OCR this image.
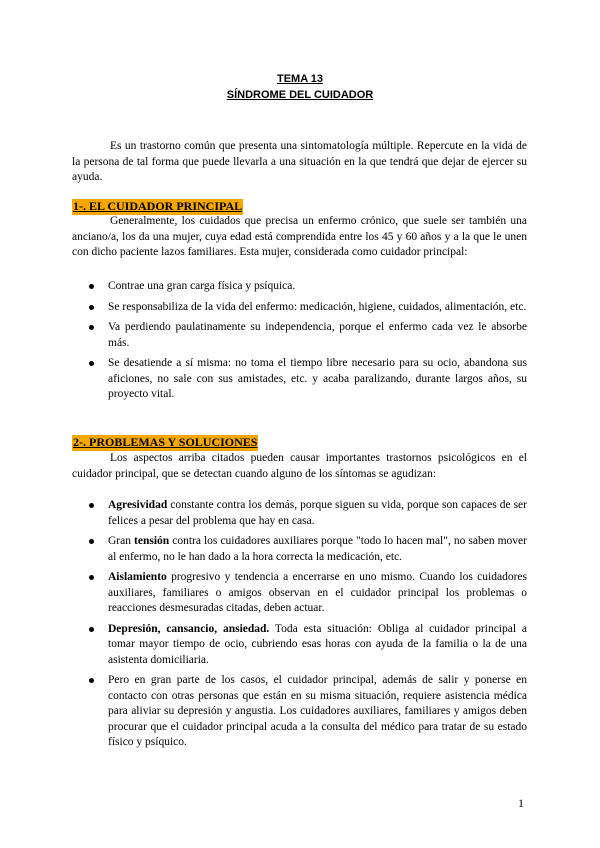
TEMA 13
SÍNDROME DEL CUIDADOR
Es un trastorno común que presenta una sintomatología múltiple. Repercute en la vida de la persona de tal forma que puede llevarla a una situación en la que tendrá que dejar de ejercer su ayuda.
1-. EL CUIDADOR PRINCIPAL
Generalmente, los cuidados que precisa un enfermo crónico, que suele ser también una anciano/a, los da una mujer, cuya edad está comprendida entre los 45 y 60 años y a la que le unen con dicho paciente lazos familiares. Esta mujer, considerada como cuidador principal:
Contrae una gran carga física y psíquica.
Se responsabiliza de la vida del enfermo: medicación, higiene, cuidados, alimentación, etc.
Va perdiendo paulatinamente su independencia, porque el enfermo cada vez le absorbe más.
Se desatiende a sí misma: no toma el tiempo libre necesario para su ocio, abandona sus aficiones, no sale con sus amistades, etc. y acaba paralizando, durante largos años, su proyecto vital.
2-. PROBLEMAS Y SOLUCIONES
Los aspectos arriba citados pueden causar importantes trastornos psicológicos en el cuidador principal, que se detectan cuando alguno de los síntomas se agudizan:
Agresividad constante contra los demás, porque siguen su vida, porque son capaces de ser felices a pesar del problema que hay en casa.
Gran tensión contra los cuidadores auxiliares porque "todo lo hacen mal", no saben mover al enfermo, no le han dado a la hora correcta la medicación, etc.
Aislamiento progresivo y tendencia a encerrarse en uno mismo. Cuando los cuidadores auxiliares, familiares o amigos observan en el cuidador principal los problemas o reacciones desmesuradas citadas, deben actuar.
Depresión, cansancio, ansiedad. Toda esta situación: Obliga al cuidador principal a tomar mayor tiempo de ocio, cubriendo esas horas con ayuda de la familia o la de una asistenta domiciliaria.
Pero en gran parte de los casos, el cuidador principal, además de salir y ponerse en contacto con otras personas que están en su misma situación, requiere asistencia médica para aliviar su depresión y angustia. Los cuidadores auxiliares, familiares y amigos deben procurar que el cuidador principal acuda a la consulta del médico para tratar de su estado físico y psíquico.
1
